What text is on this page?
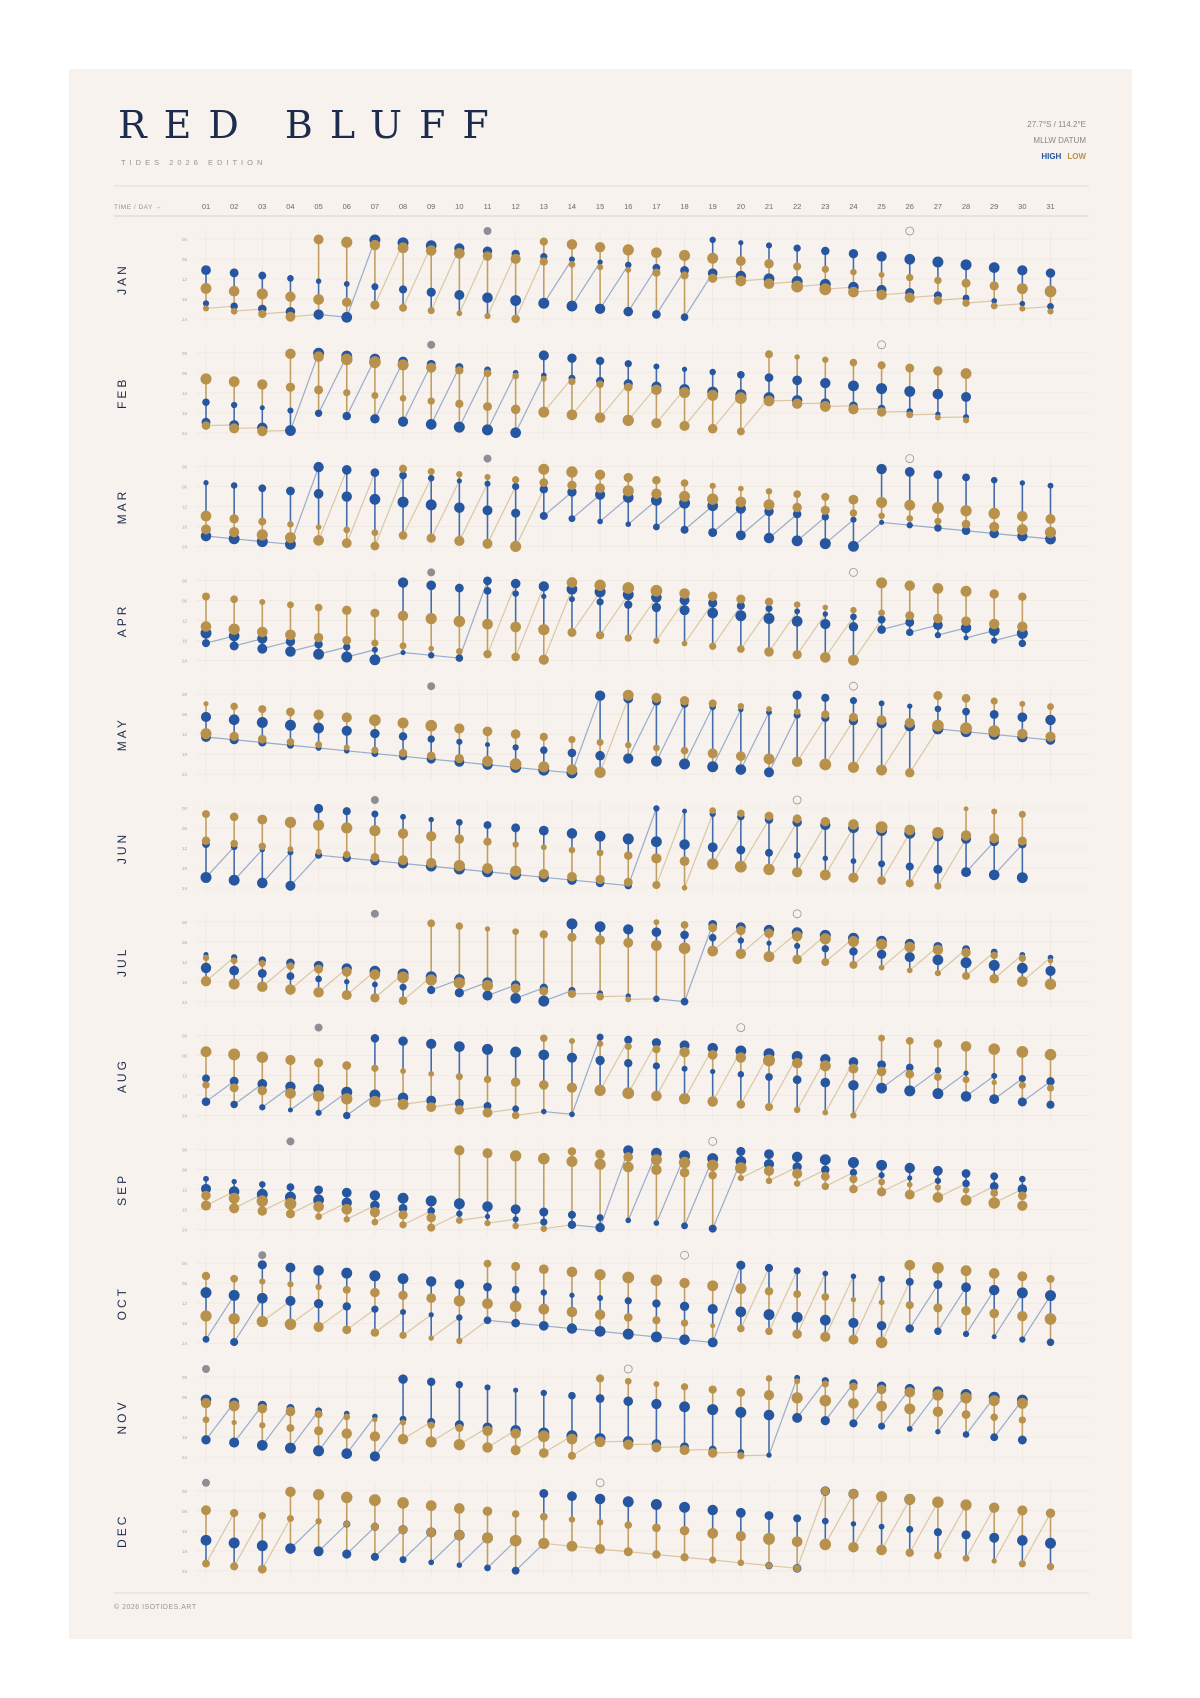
RED BLUFF
TIDES 2026 EDITION
27.7°S / 114.2°E
MLLW DATUM
HIGH LOW
TIME / DAY →	01	02	03	04	05	06	07	08	09	10	11	12	13	14	15	16	17	18	19	20	21	22	23	24	25	26	27	28	29	30	31
00
06
12
18
24
JAN
00
06
12
18
24
FEB
00
06
12
18
24
MAR
00
06
12
18
24
APR
00
06
12
18
24
MAY
00
06
12
18
24
JUN
00
06
12
18
24
JUL
00
06
12
18
24
AUG
00
06
12
18
24
SEP
00
06
12
18
24
OCT
00
06
12
18
24
NOV
00
06
12
18
24
DEC
© 2026 ISOTIDES.ART
